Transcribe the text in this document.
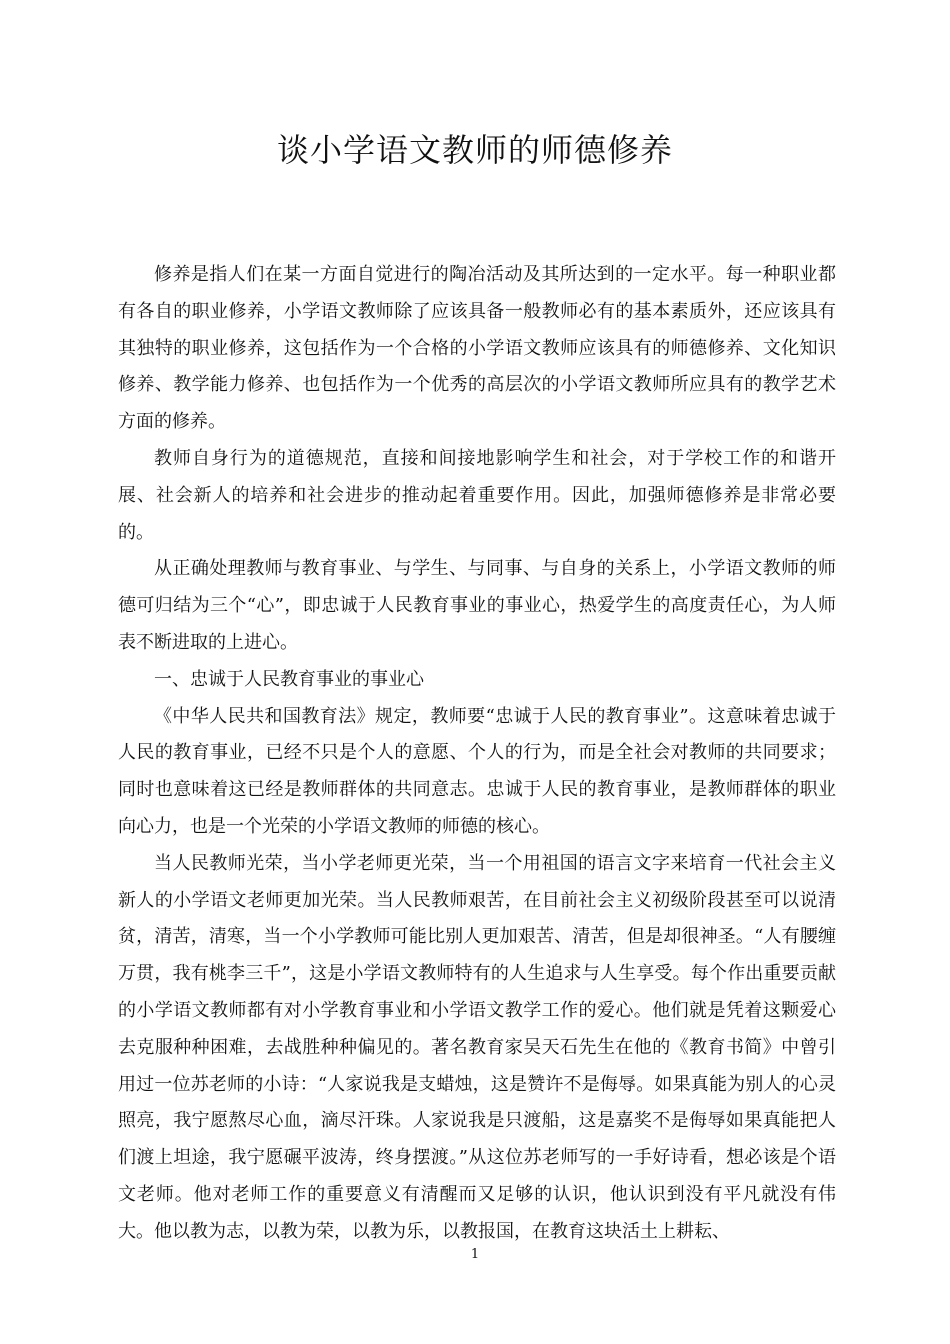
谈小学语文教师的师德修养

修养是指人们在某一方面自觉进行的陶冶活动及其所达到的一定水平。每一种职业都有各自的职业修养，小学语文教师除了应该具备一般教师必有的基本素质外，还应该具有其独特的职业修养，这包括作为一个合格的小学语文教师应该具有的师德修养、文化知识修养、教学能力修养、也包括作为一个优秀的高层次的小学语文教师所应具有的教学艺术方面的修养。

教师自身行为的道德规范，直接和间接地影响学生和社会，对于学校工作的和谐开展、社会新人的培养和社会进步的推动起着重要作用。因此，加强师德修养是非常必要的。

从正确处理教师与教育事业、与学生、与同事、与自身的关系上，小学语文教师的师德可归结为三个“心”，即忠诚于人民教育事业的事业心，热爱学生的高度责任心，为人师表不断进取的上进心。

一、忠诚于人民教育事业的事业心

《中华人民共和国教育法》规定，教师要“忠诚于人民的教育事业”。这意味着忠诚于人民的教育事业，已经不只是个人的意愿、个人的行为，而是全社会对教师的共同要求；同时也意味着这已经是教师群体的共同意志。忠诚于人民的教育事业，是教师群体的职业向心力，也是一个光荣的小学语文教师的师德的核心。

当人民教师光荣，当小学老师更光荣，当一个用祖国的语言文字来培育一代社会主义新人的小学语文老师更加光荣。当人民教师艰苦，在目前社会主义初级阶段甚至可以说清贫，清苦，清寒，当一个小学教师可能比别人更加艰苦、清苦，但是却很神圣。“人有腰缠万贯，我有桃李三千”，这是小学语文教师特有的人生追求与人生享受。每个作出重要贡献的小学语文教师都有对小学教育事业和小学语文教学工作的爱心。他们就是凭着这颗爱心去克服种种困难，去战胜种种偏见的。著名教育家吴天石先生在他的《教育书简》中曾引用过一位苏老师的小诗：“人家说我是支蜡烛，这是赞许不是侮辱。如果真能为别人的心灵照亮，我宁愿熬尽心血，滴尽汗珠。人家说我是只渡船，这是嘉奖不是侮辱如果真能把人们渡上坦途，我宁愿碾平波涛，终身摆渡。”从这位苏老师写的一手好诗看，想必该是个语文老师。他对老师工作的重要意义有清醒而又足够的认识，他认识到没有平凡就没有伟大。他以教为志，以教为荣，以教为乐，以教报国，在教育这块活土上耕耘、

1
